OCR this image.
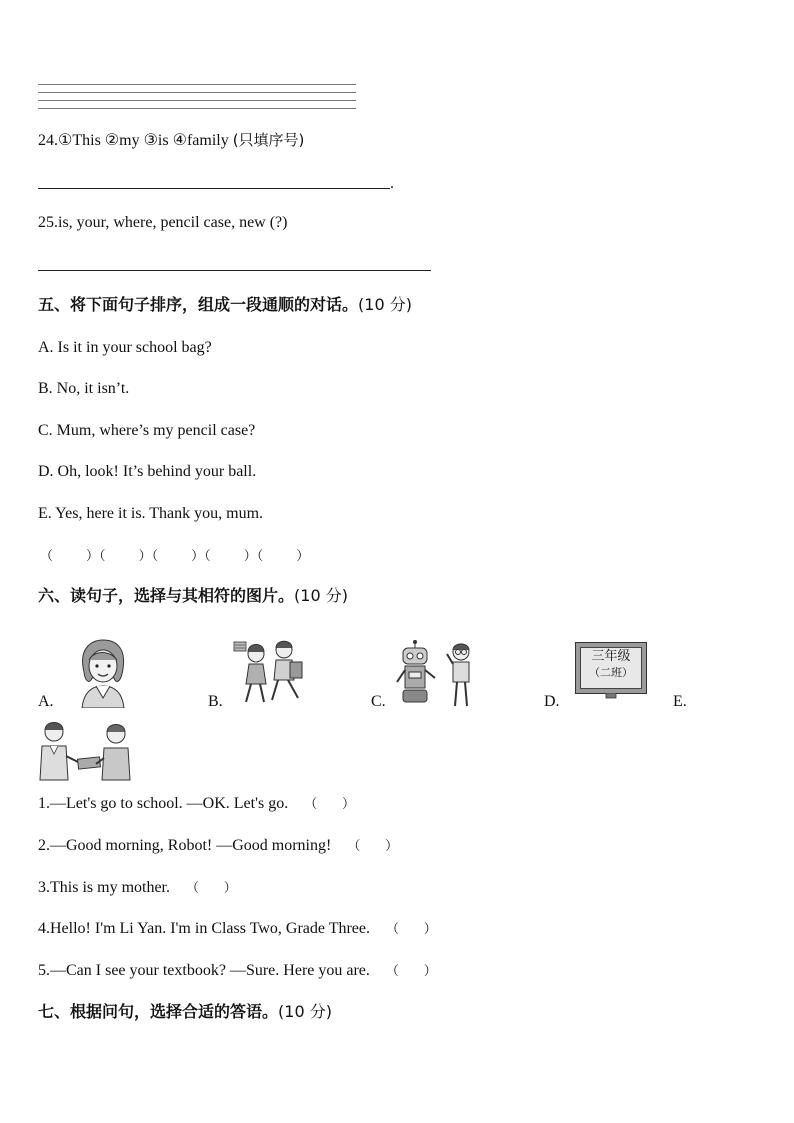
24.①This ②my ③is ④family (只填序号)
.
25.is, your, where, pencil case, new (?)
五、将下面句子排序，组成一段通顺的对话。(10 分)
A. Is it in your school bag?
B. No, it isn’t.
C. Mum, where’s my pencil case?
D. Oh, look! It’s behind your ball.
E. Yes, here it is. Thank you, mum.
（        ）（        ）（        ）（        ）（        ）
六、读句子，选择与其相符的图片。(10 分)
A.	B.	C.	D.	E.
三年级
（二班）
1.—Let's go to school. —OK. Let's go. （      ）
2.—Good morning, Robot! —Good morning! （      ）
3.This is my mother. （      ）
4.Hello! I'm Li Yan. I'm in Class Two, Grade Three. （      ）
5.—Can I see your textbook? —Sure. Here you are. （      ）
七、根据问句，选择合适的答语。(10 分)
